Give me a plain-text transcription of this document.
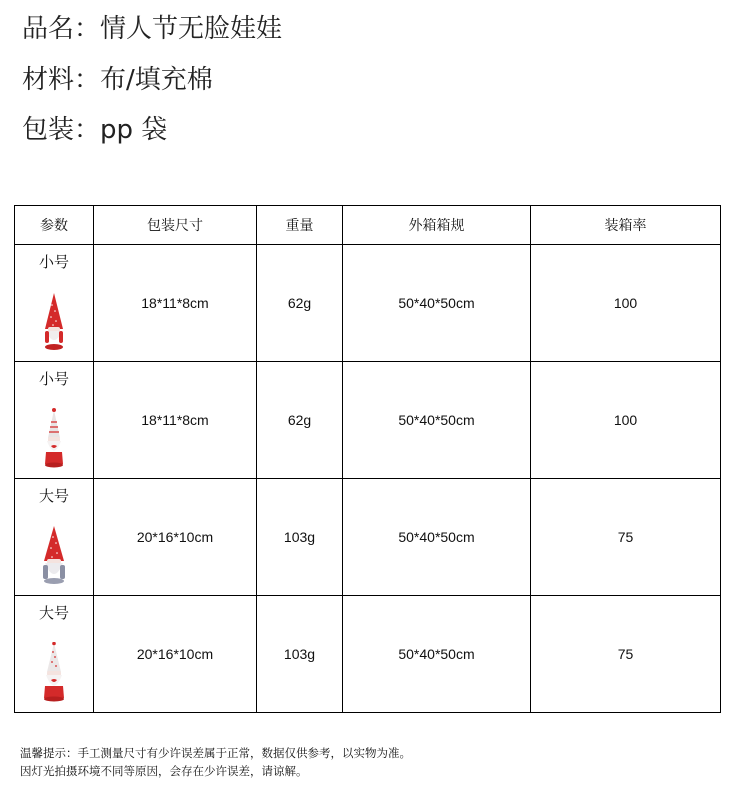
品名：情人节无脸娃娃
材料：布/填充棉
包装：pp 袋
参数	包装尺寸	重量	外箱箱规	装箱率

小号	18*11*8cm	62g	50*40*50cm	100

小号	18*11*8cm	62g	50*40*50cm	100

大号	20*16*10cm	103g	50*40*50cm	75

大号	20*16*10cm	103g	50*40*50cm	75
温馨提示：手工测量尺寸有少许误差属于正常，数据仅供参考，以实物为准。
因灯光拍摄环境不同等原因，会存在少许误差，请谅解。
